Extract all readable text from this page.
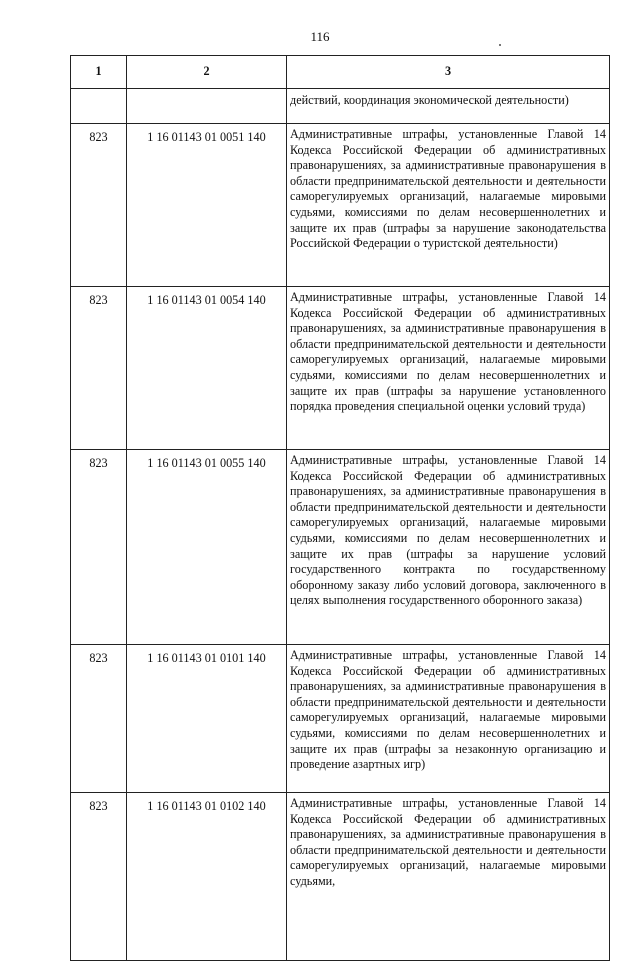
116
1	2	3
		действий, координация экономической деятельности)
823	1 16 01143 01 0051 140	Административные штрафы, установленные Главой 14 Кодекса Российской Федерации об административных правонарушениях, за административные правонарушения в области предпринимательской деятельности и деятельности саморегулируемых организаций, налагаемые мировыми судьями, комиссиями по делам несовершеннолетних и защите их прав (штрафы за нарушение законодательства Российской Федерации о туристской деятельности)
823	1 16 01143 01 0054 140	Административные штрафы, установленные Главой 14 Кодекса Российской Федерации об административных правонарушениях, за административные правонарушения в области предпринимательской деятельности и деятельности саморегулируемых организаций, налагаемые мировыми судьями, комиссиями по делам несовершеннолетних и защите их прав (штрафы за нарушение установленного порядка проведения специальной оценки условий труда)
823	1 16 01143 01 0055 140	Административные штрафы, установленные Главой 14 Кодекса Российской Федерации об административных правонарушениях, за административные правонарушения в области предпринимательской деятельности и деятельности саморегулируемых организаций, налагаемые мировыми судьями, комиссиями по делам несовершеннолетних и защите их прав (штрафы за нарушение условий государственного контракта по государственному оборонному заказу либо условий договора, заключенного в целях выполнения государственного оборонного заказа)
823	1 16 01143 01 0101 140	Административные штрафы, установленные Главой 14 Кодекса Российской Федерации об административных правонарушениях, за административные правонарушения в области предпринимательской деятельности и деятельности саморегулируемых организаций, налагаемые мировыми судьями, комиссиями по делам несовершеннолетних и защите их прав (штрафы за незаконную организацию и проведение азартных игр)
823	1 16 01143 01 0102 140	Административные штрафы, установленные Главой 14 Кодекса Российской Федерации об административных правонарушениях, за административные правонарушения в области предпринимательской деятельности и деятельности саморегулируемых организаций, налагаемые мировыми судьями,
